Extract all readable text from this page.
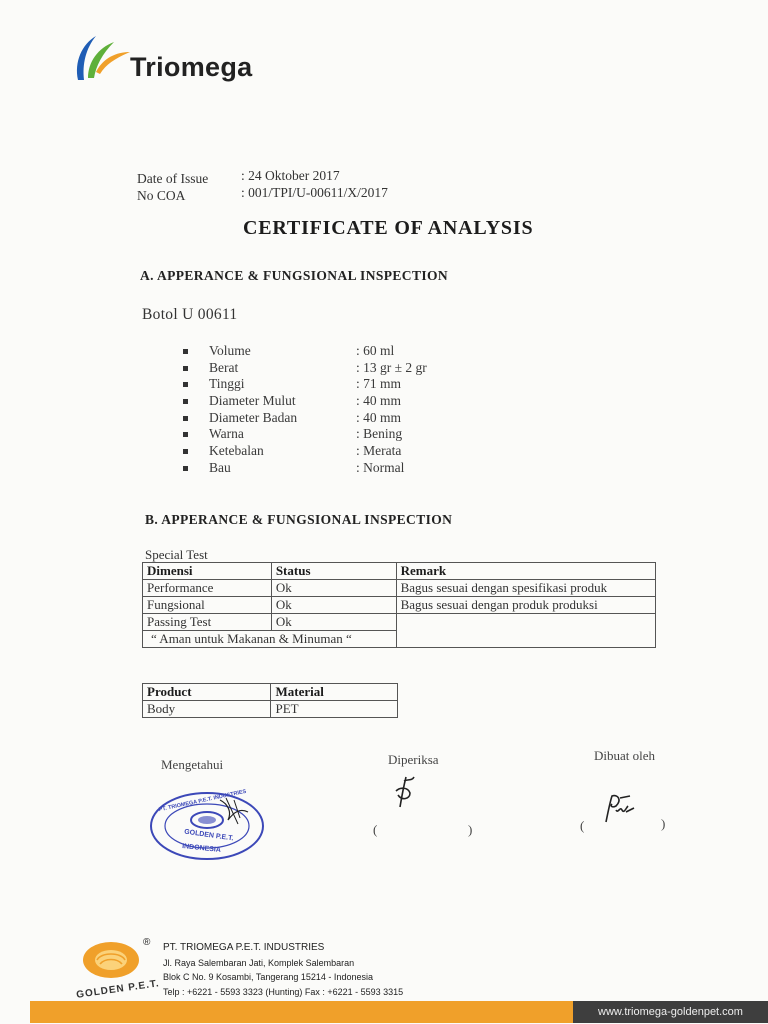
Triomega
Date of Issue : 24 Oktober 2017
No COA	: 001/TPI/U-00611/X/2017
CERTIFICATE OF ANALYSIS
A. APPERANCE & FUNGSIONAL INSPECTION
Botol U 00611
Volume	: 60 ml
Berat	: 13 gr ± 2 gr
Tinggi	: 71 mm
Diameter Mulut	: 40 mm
Diameter Badan	: 40 mm
Warna	: Bening
Ketebalan	: Merata
Bau	: Normal
B. APPERANCE & FUNGSIONAL INSPECTION
Special Test
Dimensi	Status	Remark
Performance	Ok	Bagus sesuai dengan spesifikasi produk
Fungsional	Ok	Bagus sesuai dengan produk produksi
Passing Test	Ok	
“ Aman untuk Makanan & Minuman “		
Product	Material
Body	PET
Mengetahui	Diperiksa	Dibuat oleh
PT. TRIOMEGA P.E.T. INDUSTRIES
GOLDEN P.E.T.
INDONESIA
(	)	(	)
®
GOLDEN P.E.T.
PT. TRIOMEGA P.E.T. INDUSTRIES
Jl. Raya Salembaran Jati, Komplek Salembaran
Blok C No. 9 Kosambi, Tangerang 15214 - Indonesia
Telp : +6221 - 5593 3323 (Hunting) Fax : +6221 - 5593 3315
www.triomega-goldenpet.com
